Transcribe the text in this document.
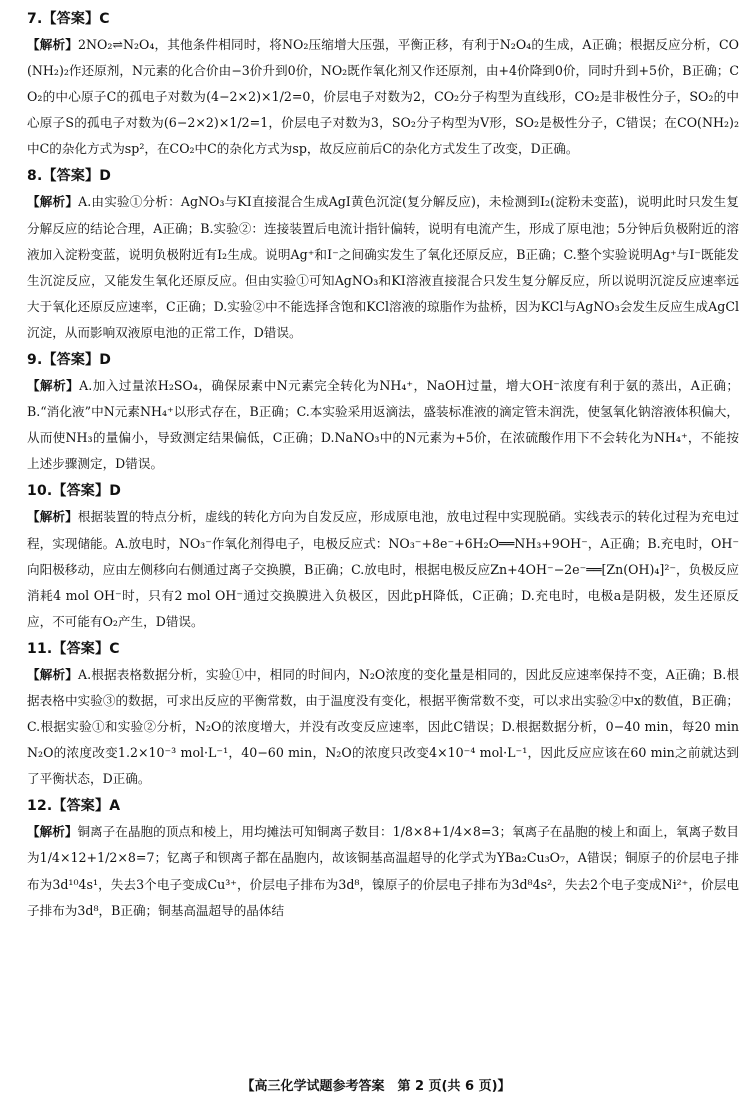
7.【答案】C
【解析】2NO₂⇌N₂O₄，其他条件相同时，将NO₂压缩增大压强，平衡正移，有利于N₂O₄的生成，A正确；根据反应分析，CO(NH₂)₂作还原剂，N元素的化合价由−3价升到0价，NO₂既作氧化剂又作还原剂，由+4价降到0价，同时升到+5价，B正确；CO₂的中心原子C的孤电子对数为(4−2×2)×1/2=0，价层电子对数为2，CO₂分子构型为直线形，CO₂是非极性分子，SO₂的中心原子S的孤电子对数为(6−2×2)×1/2=1，价层电子对数为3，SO₂分子构型为V形，SO₂是极性分子，C错误；在CO(NH₂)₂中C的杂化方式为sp²，在CO₂中C的杂化方式为sp，故反应前后C的杂化方式发生了改变，D正确。
8.【答案】D
【解析】A.由实验①分析：AgNO₃与KI直接混合生成AgI黄色沉淀(复分解反应)，未检测到I₂(淀粉未变蓝)，说明此时只发生复分解反应的结论合理，A正确；B.实验②：连接装置后电流计指针偏转，说明有电流产生，形成了原电池；5分钟后负极附近的溶液加入淀粉变蓝，说明负极附近有I₂生成。说明Ag⁺和I⁻之间确实发生了氧化还原反应，B正确；C.整个实验说明Ag⁺与I⁻既能发生沉淀反应，又能发生氧化还原反应。但由实验①可知AgNO₃和KI溶液直接混合只发生复分解反应，所以说明沉淀反应速率远大于氧化还原反应速率，C正确；D.实验②中不能选择含饱和KCl溶液的琼脂作为盐桥，因为KCl与AgNO₃会发生反应生成AgCl沉淀，从而影响双液原电池的正常工作，D错误。
9.【答案】D
【解析】A.加入过量浓H₂SO₄，确保尿素中N元素完全转化为NH₄⁺，NaOH过量，增大OH⁻浓度有利于氨的蒸出，A正确；B.“消化液”中N元素NH₄⁺以形式存在，B正确；C.本实验采用返滴法，盛装标准液的滴定管未润洗，使氢氧化钠溶液体积偏大，从而使NH₃的量偏小，导致测定结果偏低，C正确；D.NaNO₃中的N元素为+5价，在浓硫酸作用下不会转化为NH₄⁺，不能按上述步骤测定，D错误。
10.【答案】D
【解析】根据装置的特点分析，虚线的转化方向为自发反应，形成原电池，放电过程中实现脱硝。实线表示的转化过程为充电过程，实现储能。A.放电时，NO₃⁻作氧化剂得电子，电极反应式：NO₃⁻+8e⁻+6H₂O══NH₃+9OH⁻，A正确；B.充电时，OH⁻向阳极移动，应由左侧移向右侧通过离子交换膜，B正确；C.放电时，根据电极反应Zn+4OH⁻−2e⁻══[Zn(OH)₄]²⁻，负极反应消耗4 mol OH⁻时，只有2 mol OH⁻通过交换膜进入负极区，因此pH降低，C正确；D.充电时，电极a是阴极，发生还原反应，不可能有O₂产生，D错误。
11.【答案】C
【解析】A.根据表格数据分析，实验①中，相同的时间内，N₂O浓度的变化量是相同的，因此反应速率保持不变，A正确；B.根据表格中实验③的数据，可求出反应的平衡常数，由于温度没有变化，根据平衡常数不变，可以求出实验②中x的数值，B正确；C.根据实验①和实验②分析，N₂O的浓度增大，并没有改变反应速率，因此C错误；D.根据数据分析，0−40 min，每20 min N₂O的浓度改变1.2×10⁻³ mol·L⁻¹，40−60 min，N₂O的浓度只改变4×10⁻⁴ mol·L⁻¹，因此反应应该在60 min之前就达到了平衡状态，D正确。
12.【答案】A
【解析】铜离子在晶胞的顶点和棱上，用均摊法可知铜离子数目：1/8×8+1/4×8=3；氧离子在晶胞的棱上和面上，氧离子数目为1/4×12+1/2×8=7；钇离子和钡离子都在晶胞内，故该铜基高温超导的化学式为YBa₂Cu₃O₇，A错误；铜原子的价层电子排布为3d¹⁰4s¹，失去3个电子变成Cu³⁺，价层电子排布为3d⁸，镍原子的价层电子排布为3d⁸4s²，失去2个电子变成Ni²⁺，价层电子排布为3d⁸，B正确；铜基高温超导的晶体结
【高三化学试题参考答案　第 2 页(共 6 页)】
